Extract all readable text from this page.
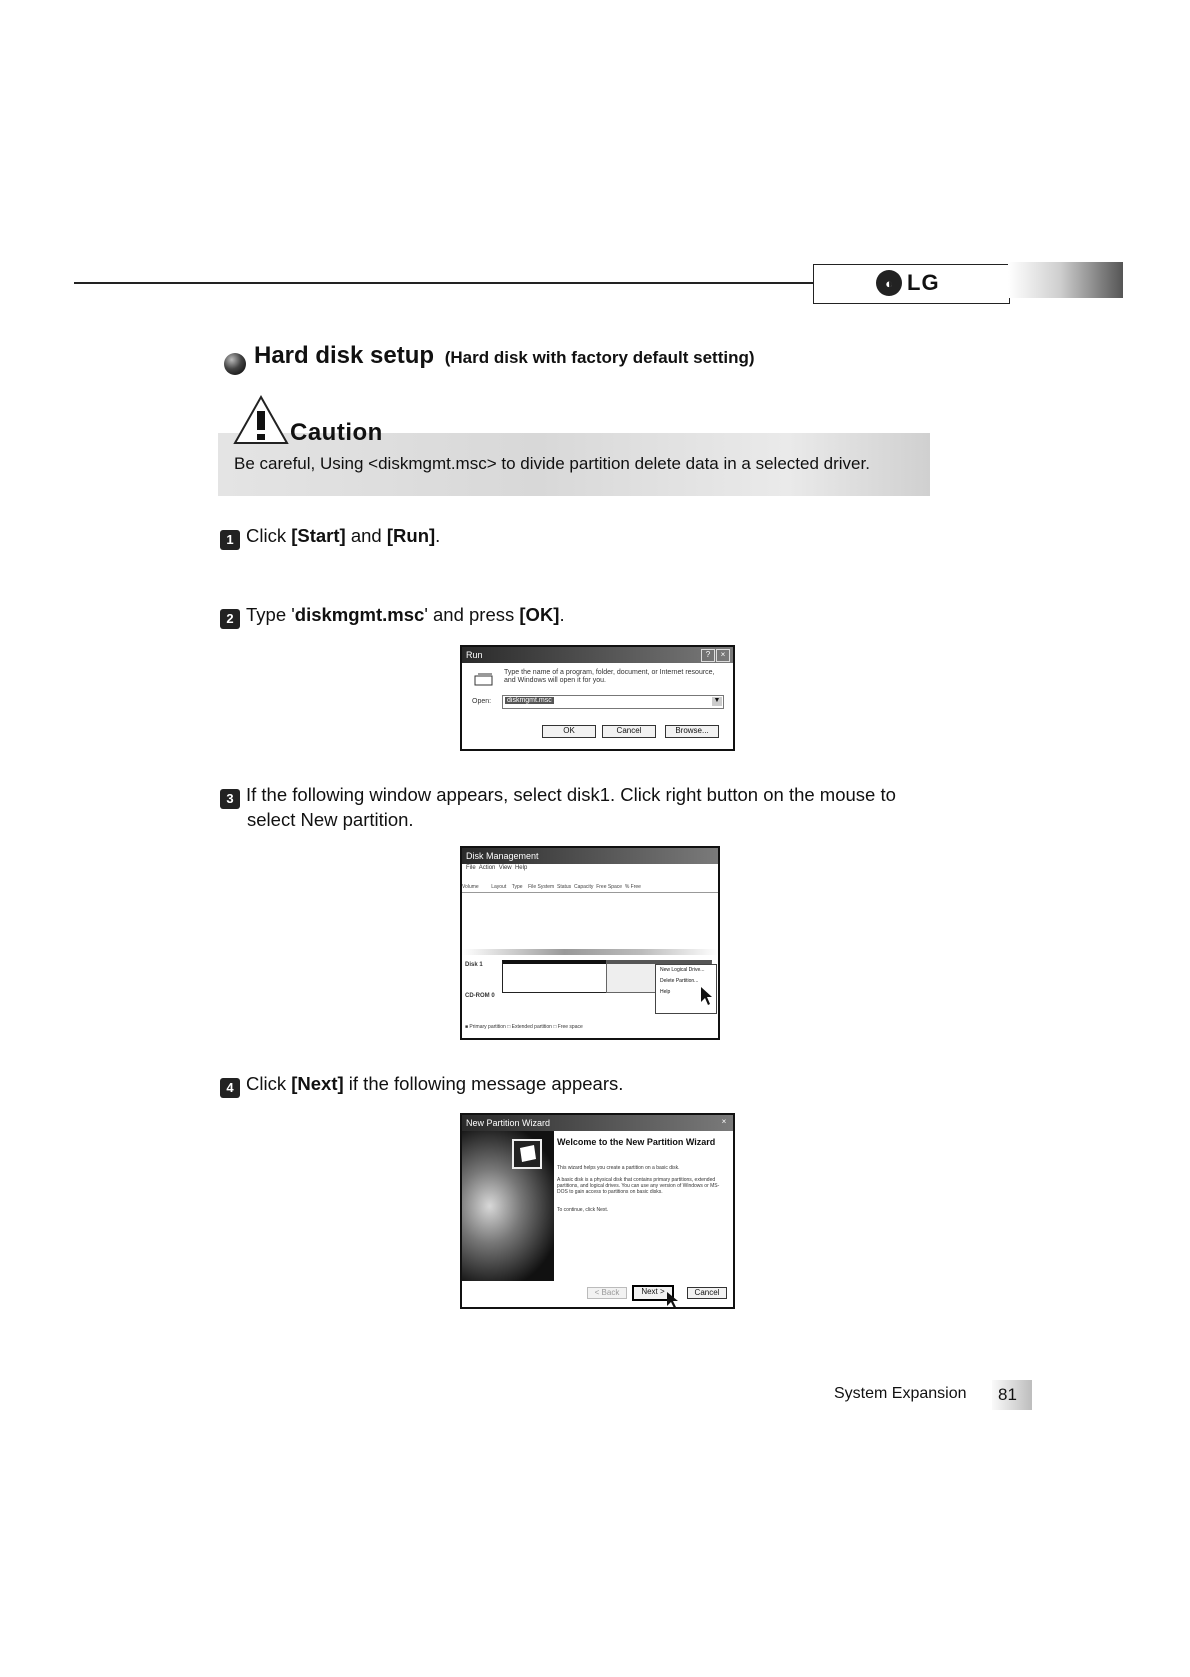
◐ LG
Hard disk setup (Hard disk with factory default setting)
Caution
Be careful, Using <diskmgmt.msc> to divide partition delete data in a selected driver.
1 Click [Start] and [Run].
2 Type 'diskmgmt.msc' and press [OK].
Run	?	×
Type the name of a program, folder, document, or Internet resource, and Windows will open it for you.
Open: diskmgmt.msc	▼
OK	Cancel	Browse...
3 If the following window appears, select disk1. Click right button on the mouse to
select New partition.
Disk Management
File Action View Help
Volume	Layout Type File System Status Capacity Free Space % Free
Disk 1
CD-ROM 0
New Logical Drive...
Delete Partition...
Help
■ Primary partition □ Extended partition □ Free space
4 Click [Next] if the following message appears.
New Partition Wizard	×
Welcome to the New Partition Wizard
This wizard helps you create a partition on a basic disk.
A basic disk is a physical disk that contains primary partitions, extended partitions, and logical drives. You can use any version of Windows or MS-DOS to gain access to partitions on basic disks.
To continue, click Next.
< Back	Next >	Cancel
System Expansion 81
